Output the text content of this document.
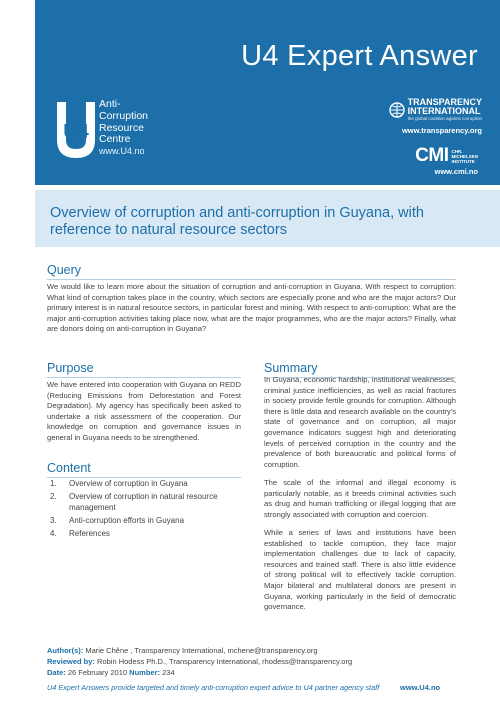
U4 Expert Answer
U4
Anti-
Corruption
Resource
Centre
www.U4.no
TRANSPARENCY
INTERNATIONAL
the global coalition against corruption
www.transparency.org
CMI CHR.
MICHELSEN
INSTITUTE
www.cmi.no
Overview of corruption and anti-corruption in Guyana, with reference to natural resource sectors
Query
We would like to learn more about the situation of corruption and anti-corruption in Guyana. With respect to corruption: What kind of corruption takes place in the country, which sectors are especially prone and who are the major actors? Our primary interest is in natural resource sectors, in particular forest and mining. With respect to anti-corruption: What are the major anti-corruption activities taking place now, what are the major programmes, who are the major actors? Finally, what are donors doing on anti-corruption in Guyana?
Purpose
We have entered into cooperation with Guyana on REDD (Reducing Emissions from Deforestation and Forest Degradation). My agency has specifically been asked to undertake a risk assessment of the cooperation. Our knowledge on corruption and governance issues in general in Guyana needs to be strengthened.
Content
1.	Overview of corruption in Guyana
2.	Overview of corruption in natural resource management
3.	Anti-corruption efforts in Guyana
4.	References
Summary
In Guyana, economic hardship, institutional weaknesses, criminal justice inefficiencies, as well as racial fractures in society provide fertile grounds for corruption. Although there is little data and research available on the country's state of governance and on corruption, all major governance indicators suggest high and deteriorating levels of perceived corruption in the country and the prevalence of both bureaucratic and political forms of corruption.
The scale of the informal and illegal economy is particularly notable, as it breeds criminal activities such as drug and human trafficking or illegal logging that are strongly associated with corruption and coercion.
While a series of laws and institutions have been established to tackle corruption, they face major implementation challenges due to lack of capacity, resources and trained staff. There is also little evidence of strong political will to effectively tackle corruption. Major bilateral and multilateral donors are present in Guyana, working particularly in the field of democratic governance.
Author(s): Marie Chêne , Transparency International, mchene@transparency.org
Reviewed by: Robin Hodess Ph.D., Transparency International, rhodess@transparency.org
Date: 26 February 2010 Number: 234
U4 Expert Answers provide targeted and timely anti-corruption expert advice to U4 partner agency staff	www.U4.no
